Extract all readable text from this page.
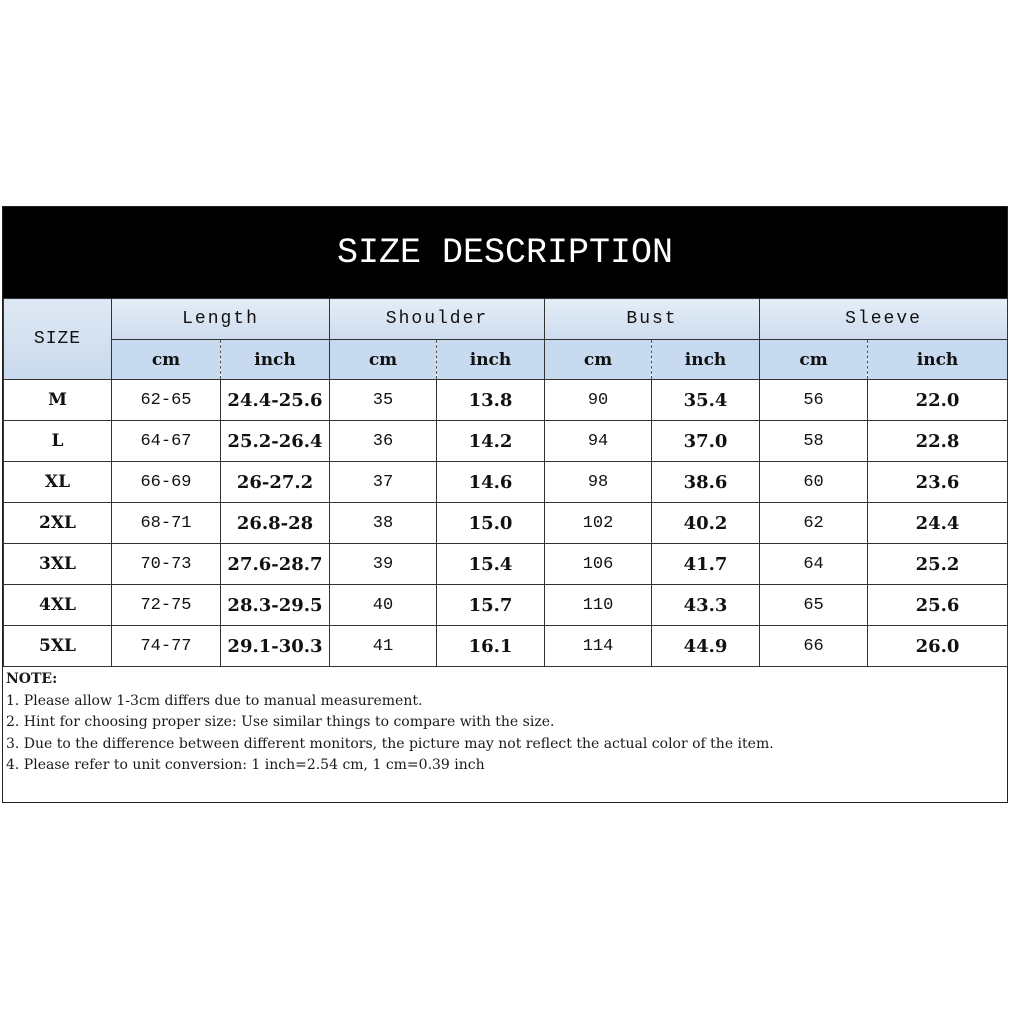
SIZE DESCRIPTION
SIZE	Length		Shoulder		Bust		Sleeve	
	cm	inch	cm	inch	cm	inch	cm	inch
M	62-65	24.4-25.6	35	13.8	90	35.4	56	22.0
L	64-67	25.2-26.4	36	14.2	94	37.0	58	22.8
XL	66-69	26-27.2	37	14.6	98	38.6	60	23.6
2XL	68-71	26.8-28	38	15.0	102	40.2	62	24.4
3XL	70-73	27.6-28.7	39	15.4	106	41.7	64	25.2
4XL	72-75	28.3-29.5	40	15.7	110	43.3	65	25.6
5XL	74-77	29.1-30.3	41	16.1	114	44.9	66	26.0
NOTE:
1. Please allow 1-3cm differs due to manual measurement.
2. Hint for choosing proper size: Use similar things to compare with the size.
3. Due to the difference between different monitors, the picture may not reflect the actual color of the item.
4. Please refer to unit conversion: 1 inch=2.54 cm, 1 cm=0.39 inch
